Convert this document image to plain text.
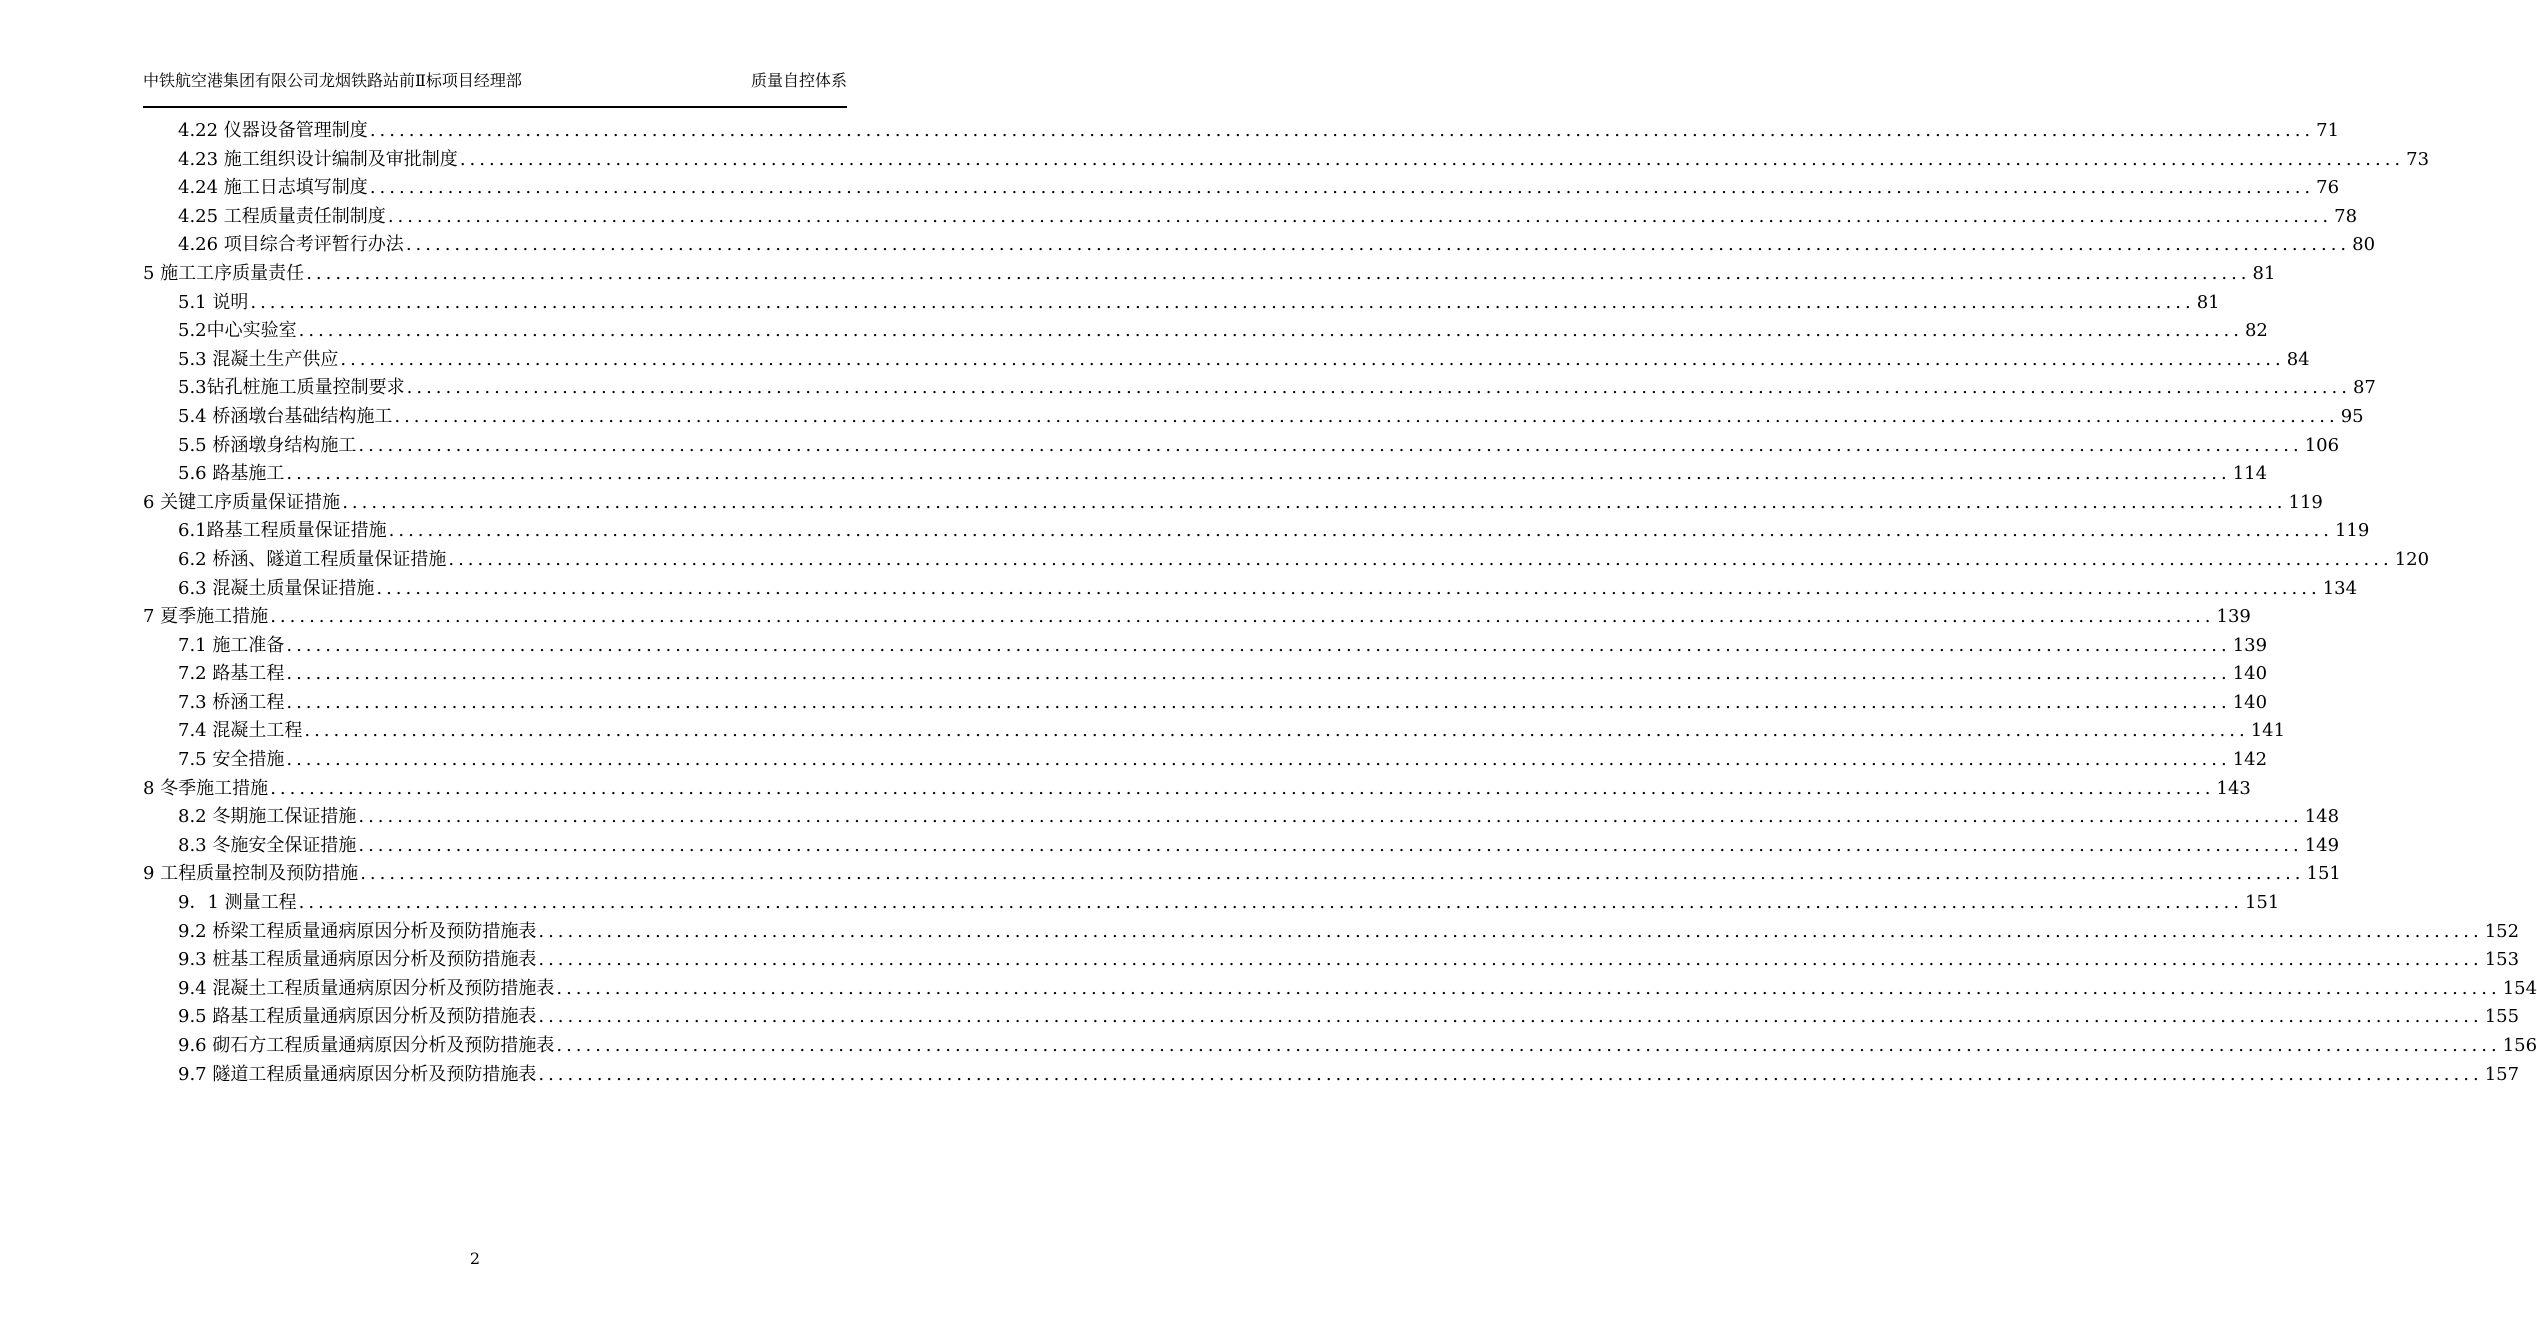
中铁航空港集团有限公司龙烟铁路站前Ⅱ标项目经理部	质量自控体系
4.22 仪器设备管理制度 ........................................................................................................................................................................................................ 71
4.23 施工组织设计编制及审批制度 ........................................................................................................................................................................................................ 73
4.24 施工日志填写制度 ........................................................................................................................................................................................................ 76
4.25 工程质量责任制制度 ........................................................................................................................................................................................................ 78
4.26 项目综合考评暂行办法 ........................................................................................................................................................................................................ 80
5 施工工序质量责任 ........................................................................................................................................................................................................ 81
5.1 说明 ........................................................................................................................................................................................................ 81
5.2中心实验室 ........................................................................................................................................................................................................ 82
5.3 混凝土生产供应 ........................................................................................................................................................................................................ 84
5.3钻孔桩施工质量控制要求 ........................................................................................................................................................................................................ 87
5.4 桥涵墩台基础结构施工 ........................................................................................................................................................................................................ 95
5.5 桥涵墩身结构施工 ........................................................................................................................................................................................................ 106
5.6 路基施工 ........................................................................................................................................................................................................ 114
6 关键工序质量保证措施 ........................................................................................................................................................................................................ 119
6.1路基工程质量保证措施 ........................................................................................................................................................................................................ 119
6.2 桥涵、隧道工程质量保证措施 ........................................................................................................................................................................................................ 120
6.3 混凝土质量保证措施 ........................................................................................................................................................................................................ 134
7 夏季施工措施 ........................................................................................................................................................................................................ 139
7.1 施工准备 ........................................................................................................................................................................................................ 139
7.2 路基工程 ........................................................................................................................................................................................................ 140
7.3 桥涵工程 ........................................................................................................................................................................................................ 140
7.4 混凝土工程 ........................................................................................................................................................................................................ 141
7.5 安全措施 ........................................................................................................................................................................................................ 142
8 冬季施工措施 ........................................................................................................................................................................................................ 143
8.2 冬期施工保证措施 ........................................................................................................................................................................................................ 148
8.3 冬施安全保证措施 ........................................................................................................................................................................................................ 149
9 工程质量控制及预防措施 ........................................................................................................................................................................................................ 151
9．1 测量工程 ........................................................................................................................................................................................................ 151
9.2 桥梁工程质量通病原因分析及预防措施表 ........................................................................................................................................................................................................ 152
9.3 桩基工程质量通病原因分析及预防措施表 ........................................................................................................................................................................................................ 153
9.4 混凝土工程质量通病原因分析及预防措施表 ........................................................................................................................................................................................................ 154
9.5 路基工程质量通病原因分析及预防措施表 ........................................................................................................................................................................................................ 155
9.6 砌石方工程质量通病原因分析及预防措施表 ........................................................................................................................................................................................................ 156
9.7 隧道工程质量通病原因分析及预防措施表 ........................................................................................................................................................................................................ 157
2
